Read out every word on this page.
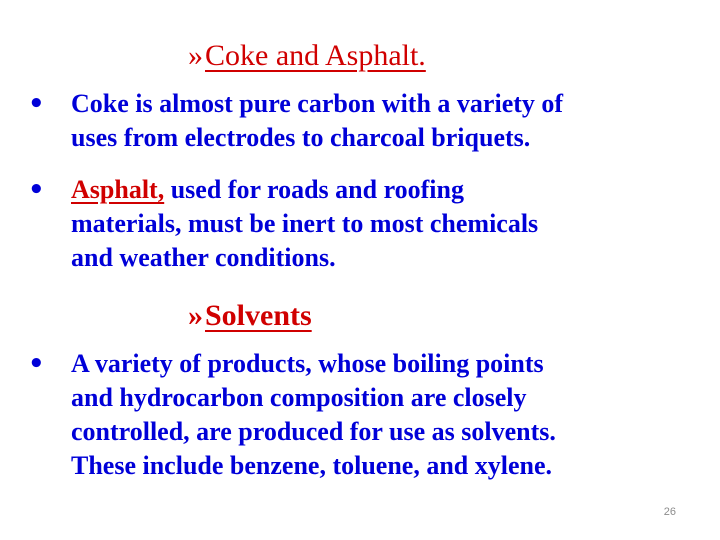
»Coke and Asphalt.
• Coke is almost pure carbon with a variety of
uses from electrodes to charcoal briquets.
• Asphalt, used for roads and roofing
materials, must be inert to most chemicals
and weather conditions.
»Solvents
• A variety of products, whose boiling points
and hydrocarbon composition are closely
controlled, are produced for use as solvents.
These include benzene, toluene, and xylene.
26
